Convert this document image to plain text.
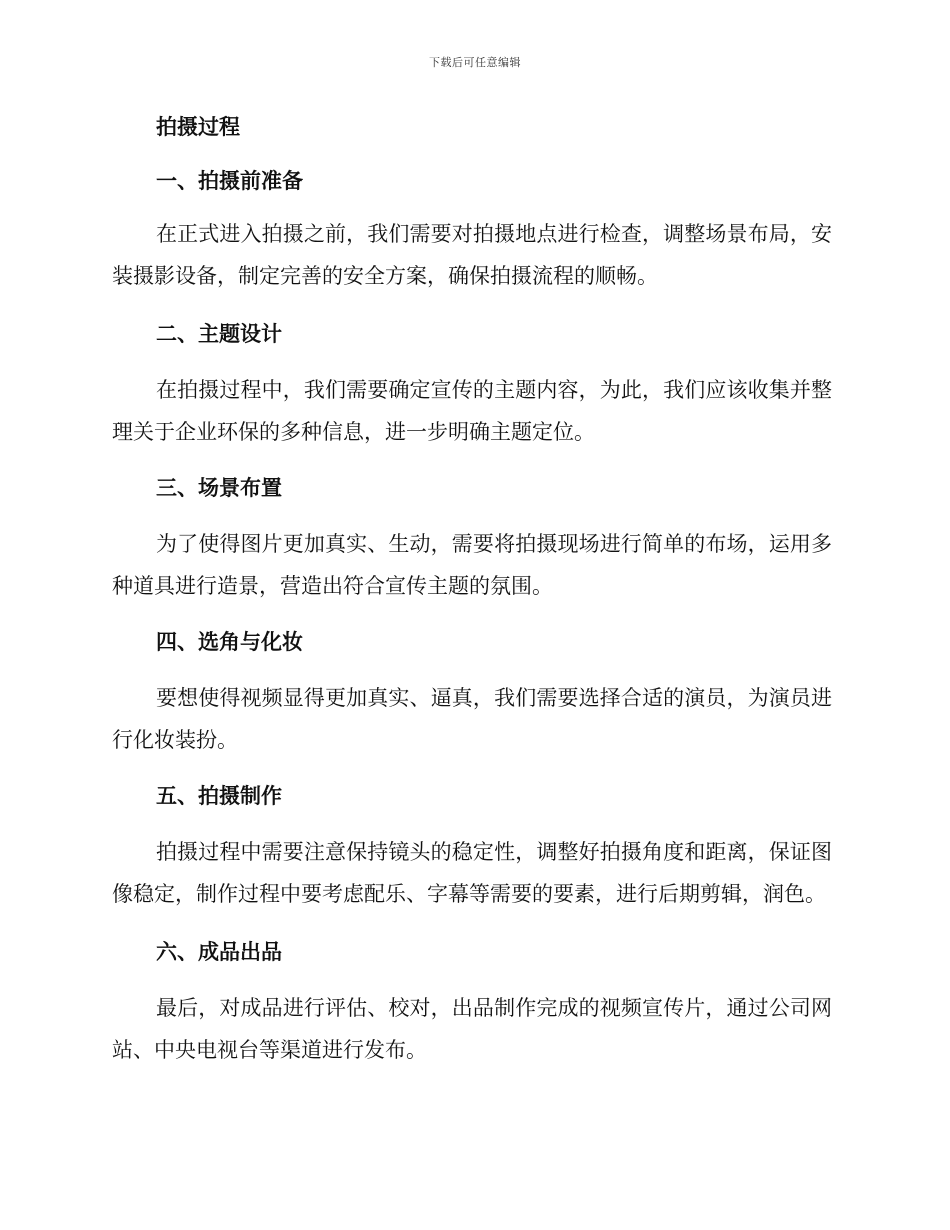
下载后可任意编辑
拍摄过程
一、拍摄前准备

在正式进入拍摄之前，我们需要对拍摄地点进行检查，调整场景布局，安装摄影设备，制定完善的安全方案，确保拍摄流程的顺畅。

二、主题设计

在拍摄过程中，我们需要确定宣传的主题内容，为此，我们应该收集并整理关于企业环保的多种信息，进一步明确主题定位。

三、场景布置

为了使得图片更加真实、生动，需要将拍摄现场进行简单的布场，运用多种道具进行造景，营造出符合宣传主题的氛围。

四、选角与化妆

要想使得视频显得更加真实、逼真，我们需要选择合适的演员，为演员进行化妆装扮。

五、拍摄制作

拍摄过程中需要注意保持镜头的稳定性，调整好拍摄角度和距离，保证图像稳定，制作过程中要考虑配乐、字幕等需要的要素，进行后期剪辑，润色。

六、成品出品

最后，对成品进行评估、校对，出品制作完成的视频宣传片，通过公司网站、中央电视台等渠道进行发布。
